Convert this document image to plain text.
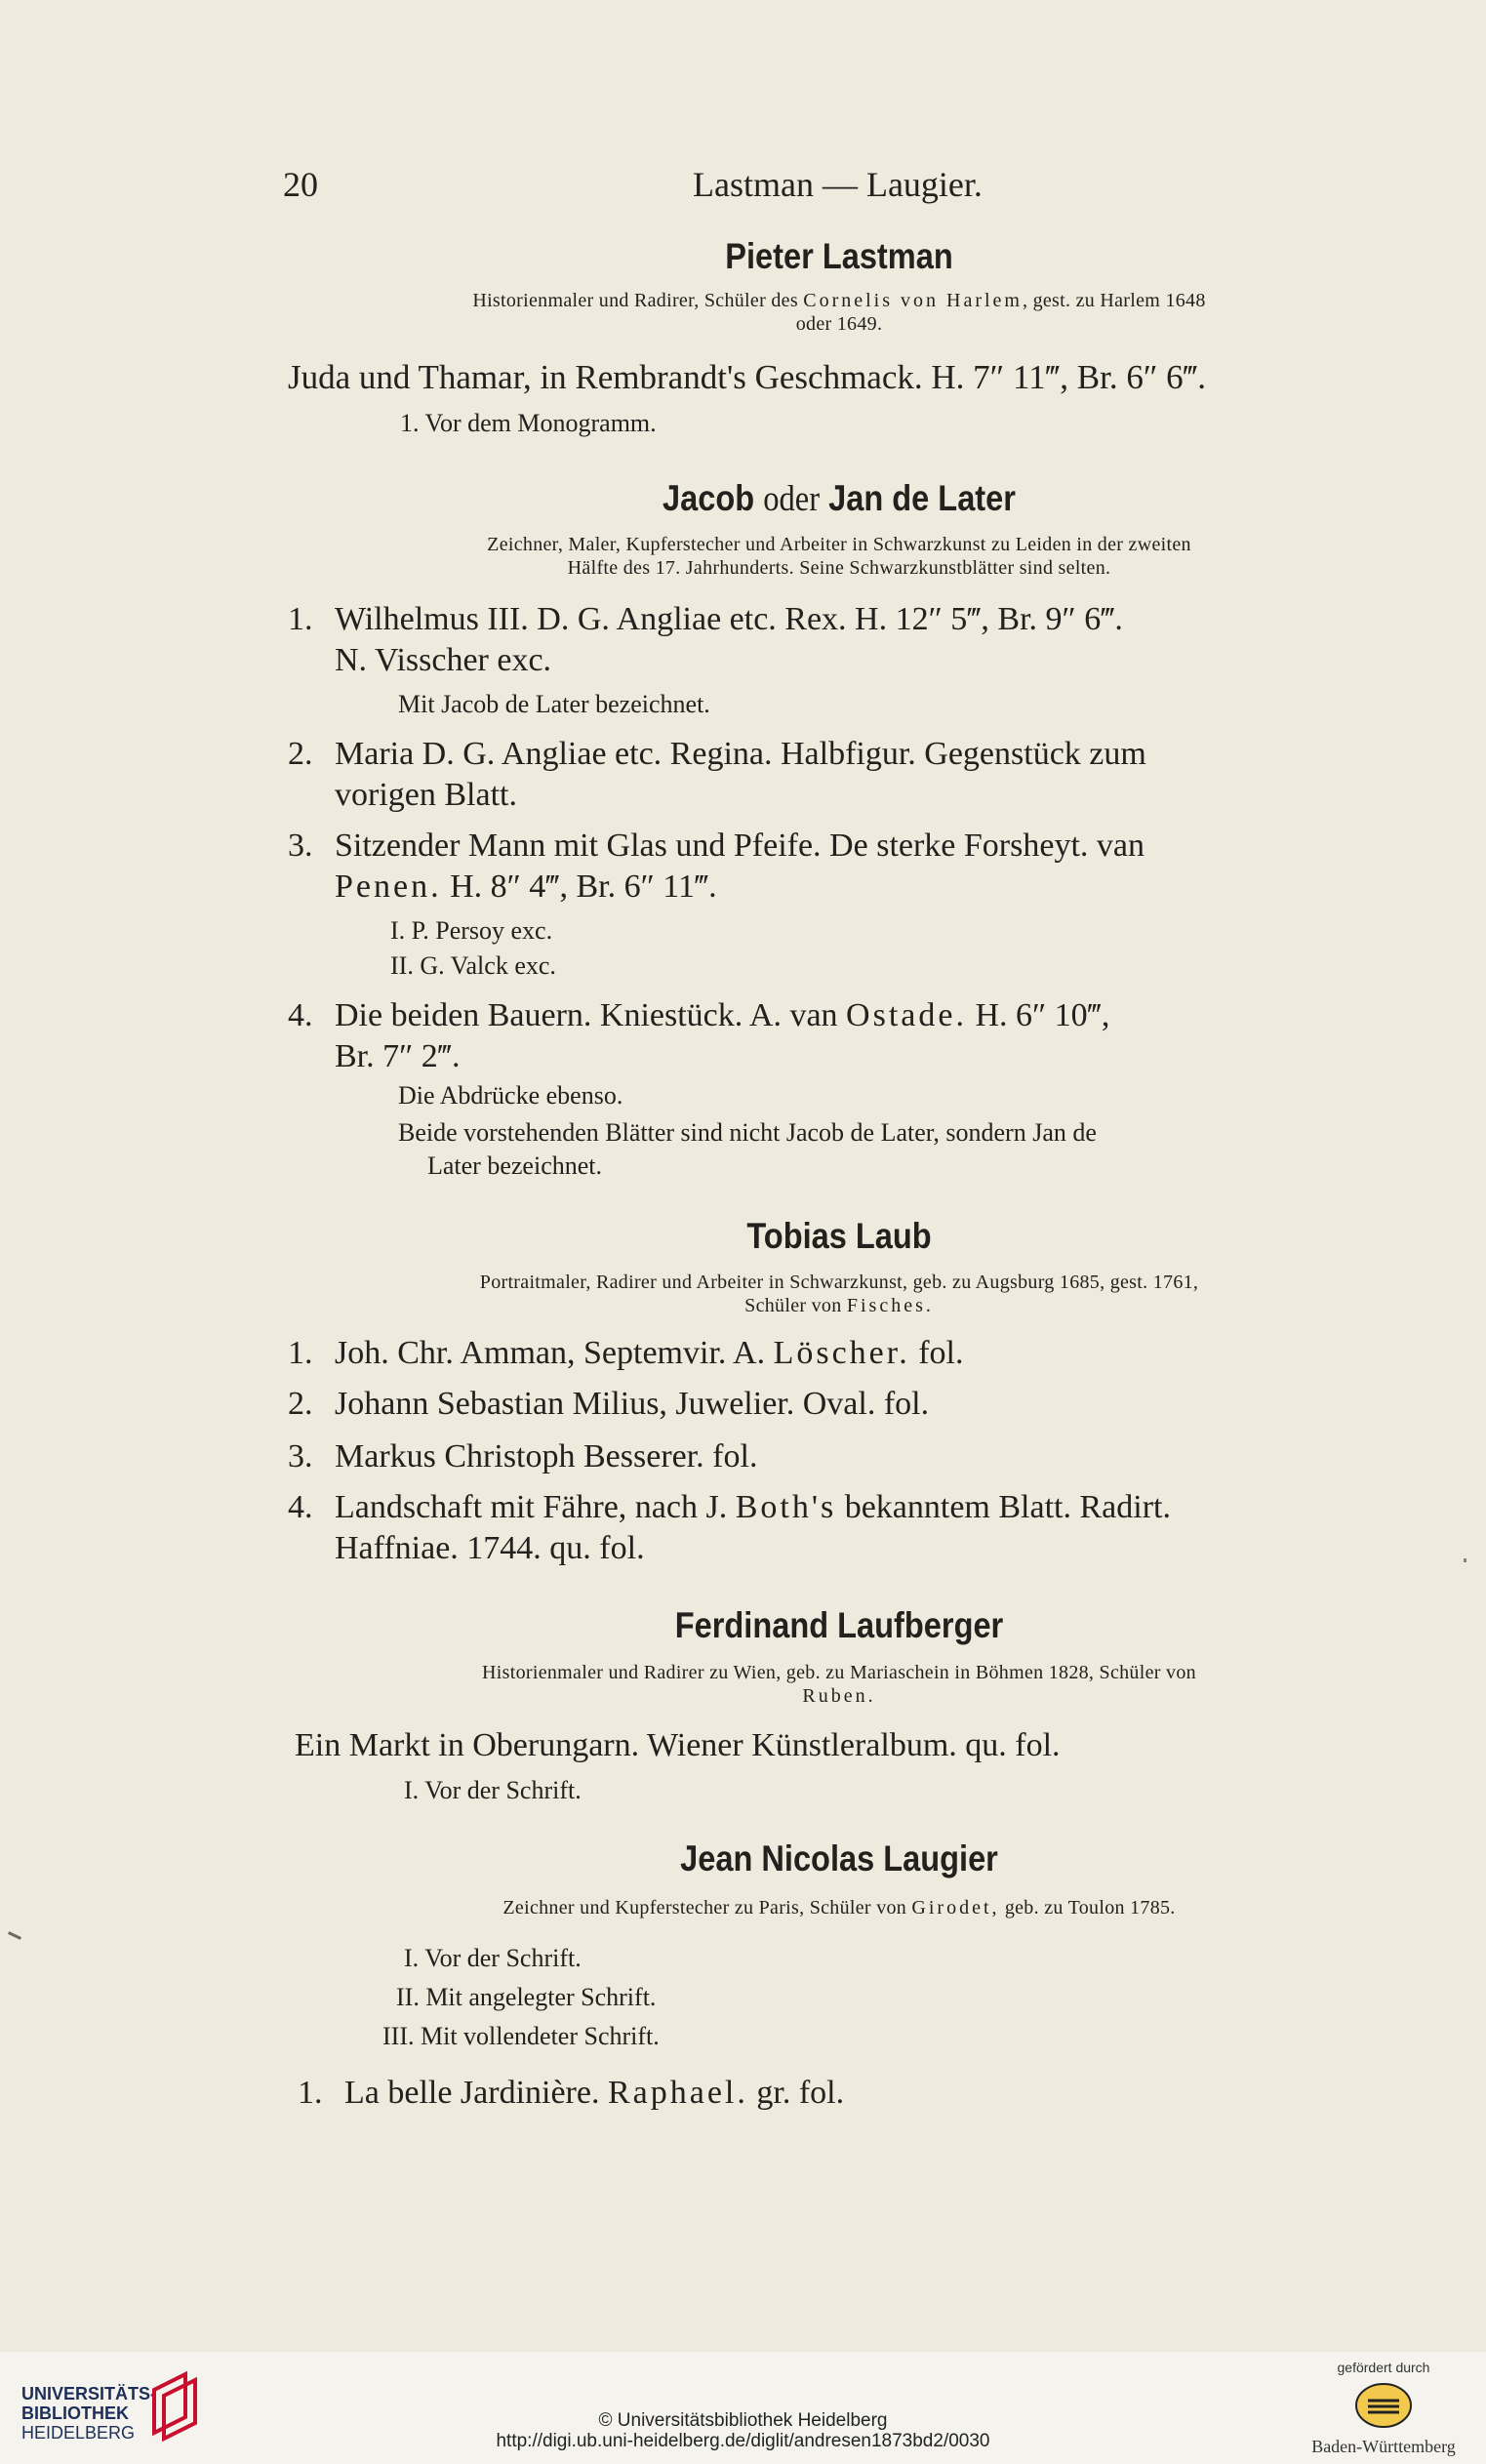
20	Lastman — Laugier.
Pieter Lastman
Historienmaler und Radirer, Schüler des Cornelis von Harlem, gest. zu Harlem 1648
oder 1649.
Juda und Thamar, in Rembrandt's Geschmack. H. 7″ 11‴, Br. 6″ 6‴.
1. Vor dem Monogramm.
Jacob oder Jan de Later
Zeichner, Maler, Kupferstecher und Arbeiter in Schwarzkunst zu Leiden in der zweiten
Hälfte des 17. Jahrhunderts. Seine Schwarzkunstblätter sind selten.
1. Wilhelmus III. D. G. Angliae etc. Rex. H. 12″ 5‴, Br. 9″ 6‴.
N. Visscher exc.
Mit Jacob de Later bezeichnet.
2. Maria D. G. Angliae etc. Regina. Halbfigur. Gegenstück zum
vorigen Blatt.
3. Sitzender Mann mit Glas und Pfeife. De sterke Forsheyt. van
Penen. H. 8″ 4‴, Br. 6″ 11‴.
I. P. Persoy exc.
II. G. Valck exc.
4. Die beiden Bauern. Kniestück. A. van Ostade. H. 6″ 10‴,
Br. 7″ 2‴.
Die Abdrücke ebenso.
Beide vorstehenden Blätter sind nicht Jacob de Later, sondern Jan de
Later bezeichnet.
Tobias Laub
Portraitmaler, Radirer und Arbeiter in Schwarzkunst, geb. zu Augsburg 1685, gest. 1761,
Schüler von Fisches.
1. Joh. Chr. Amman, Septemvir. A. Löscher. fol.
2. Johann Sebastian Milius, Juwelier. Oval. fol.
3. Markus Christoph Besserer. fol.
4. Landschaft mit Fähre, nach J. Both's bekanntem Blatt. Radirt.
Haffniae. 1744. qu. fol.
Ferdinand Laufberger
Historienmaler und Radirer zu Wien, geb. zu Mariaschein in Böhmen 1828, Schüler von
Ruben.
Ein Markt in Oberungarn. Wiener Künstleralbum. qu. fol.
I. Vor der Schrift.
Jean Nicolas Laugier
Zeichner und Kupferstecher zu Paris, Schüler von Girodet, geb. zu Toulon 1785.
I. Vor der Schrift.
II. Mit angelegter Schrift.
III. Mit vollendeter Schrift.
1. La belle Jardinière. Raphael. gr. fol.
UNIVERSITÄTS-
BIBLIOTHEK
HEIDELBERG
© Universitätsbibliothek Heidelberg
http://digi.ub.uni-heidelberg.de/diglit/andresen1873bd2/0030
gefördert durch
Baden-Württemberg
